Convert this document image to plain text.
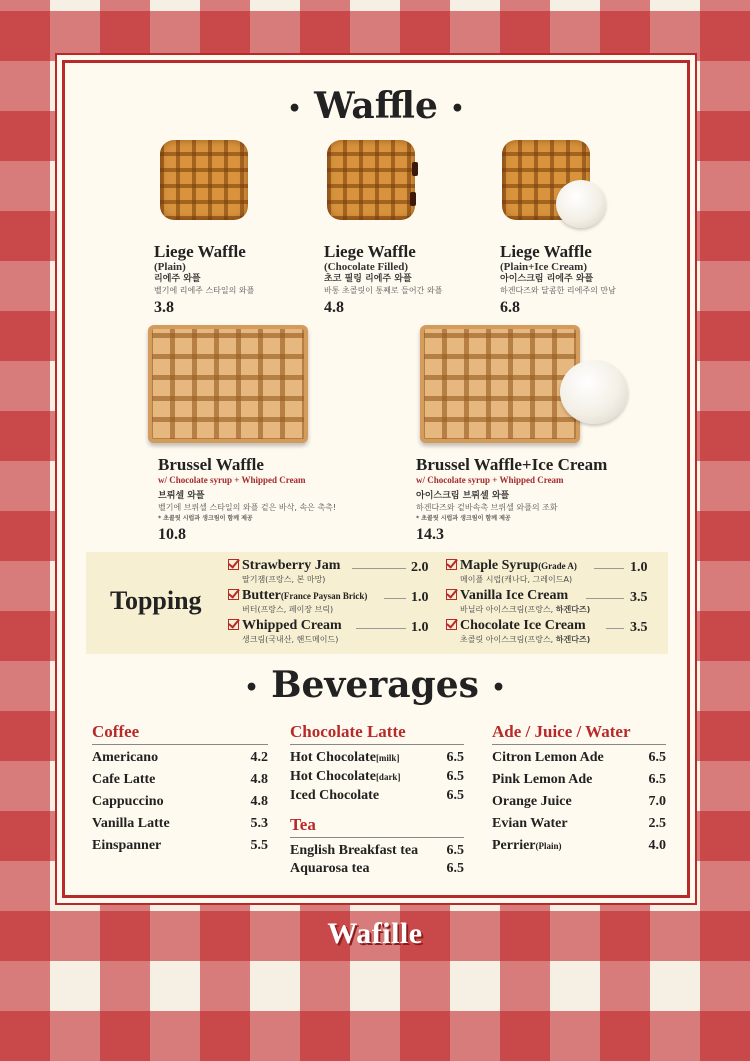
• Waffle •
Liege Waffle
(Plain)
리에주 와플
벨기에 리에주 스타일의 와플
3.8
Liege Waffle
(Chocolate Filled)
초코 필링 리에주 와플
바통 초콜릿이 통째로 들어간 와플
4.8
Liege Waffle
(Plain+Ice Cream)
아이스크림 리에주 와플
하겐다즈와 달콤한 리에주의 만남
6.8
Brussel Waffle
w/ Chocolate syrup + Whipped Cream
브뤼셀 와플
벨기에 브뤼셀 스타일의 와플 겉은 바삭, 속은 촉촉!
* 초콜릿 시럽과 생크림이 함께 제공
10.8
Brussel Waffle+Ice Cream
w/ Chocolate syrup + Whipped Cream
아이스크림 브뤼셀 와플
하겐다즈와 겉바속촉 브뤼셀 와플의 조화
* 초콜릿 시럽과 생크림이 함께 제공
14.3
Topping
Strawberry Jam
딸기잼(프랑스, 본 마망)
2.0
Butter(France Paysan Brick)
버터(프랑스, 페이장 브릭)
1.0
Whipped Cream
생크림(국내산, 핸드메이드)
1.0
Maple Syrup(Grade A)
메이플 시럽(캐나다, 그레이드A)
1.0
Vanilla Ice Cream
바닐라 아이스크림(프랑스, 하겐다즈)
3.5
Chocolate Ice Cream
초콜릿 아이스크림(프랑스, 하겐다즈)
3.5
• Beverages •
Coffee
Americano	4.2
Cafe Latte	4.8
Cappuccino	4.8
Vanilla Latte	5.3
Einspanner	5.5
Chocolate Latte
Hot Chocolate[milk]	6.5
Hot Chocolate[dark]	6.5
Iced Chocolate	6.5
Tea
English Breakfast tea 6.5
Aquarosa tea	6.5
Ade / Juice / Water
Citron Lemon Ade	6.5
Pink Lemon Ade	6.5
Orange Juice	7.0
Evian Water	2.5
Perrier(Plain)	4.0
Wafille
